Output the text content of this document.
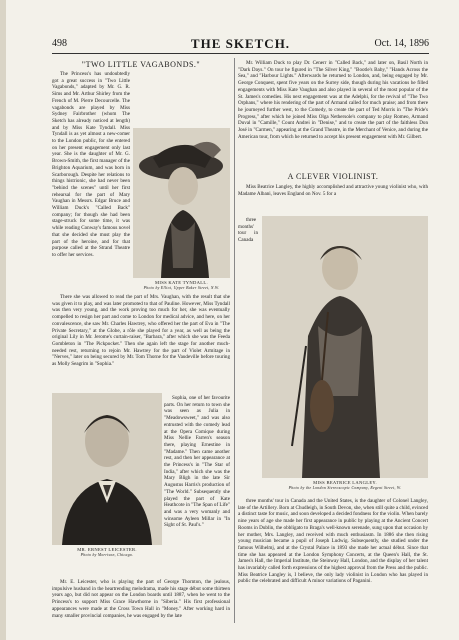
498	THE SKETCH.	Oct. 14, 1896
"TWO LITTLE VAGABONDS."

The Princess's has undoubtedly got a great success in "Two Little Vagabonds," adapted by Mr. G. R. Sims and Mr. Arthur Shirley from the French of M. Pierre Decourcelle. The vagabonds are played by Miss Sydney Fairbrother (whom The Sketch has already noticed at length) and by Miss Kate Tyndall. Miss Tyndall is as yet almost a new-comer to the London public, for she entered on her present engagement only last year. She is the daughter of Mr. G. Brown-Smith, the first manager of the Brighton Aquarium, and was born in Scarborough. Despite her relations to things histrionic, she had never been "behind the scenes" until her first rehearsal for the part of Mary Vaughan in Messrs. Edgar Bruce and William Duck's "Called Back" company; for though she had been stage-struck for some time, it was while reading Conway's famous novel that she decided she must play the part of the heroine, and for that purpose called at the Strand Theatre to offer her services.

MISS KATE TYNDALL.
Photo by Elliot, Upper Baker Street, N.W.

There she was allowed to read the part of Mrs. Vaughan, with the result that she was given it to play, and was later promoted to that of Pauline. However, Miss Tyndall was then very young, and the work proving too much for her, she was eventually compelled to resign her part and come to London for medical advice, and here, on her convalescence, she saw Mr. Charles Hawtrey, who offered her the part of Eva in "The Private Secretary," at the Globe, a rôle she played for a year, as well as being the original Lily in Mr. Jerome's curtain-raiser, "Barbara," after which she was the Feeda Gombleton in "The Pickpocket." Then she again left the stage for another much-needed rest, returning to rejoin Mr. Hawtrey for the part of Violet Armitage in "Nerves," later on being secured by Mr. Tom Thorne for the Vaudeville before touring as Molly Seagrim in "Sophia."

MR. ERNEST LEICESTER.
Photo by Morrison, Chicago.

Sophia, one of her favourite parts. On her return to town she was seen as Julia in "Meadowsweet," and was also entrusted with the comedy lead at the Opera Comique during Miss Nellie Farren's season there, playing Ernestine in "Madame." Then came another rest, and then her appearance at the Princess's in "The Star of India," after which she was the Mary Bligh in the late Sir Augustus Harris's production of "The World." Subsequently she played the part of Kate Heathcote in "The Span of Life" and was a very womanly and winsome Ayleen Millar in "In Sight of St. Paul's."

Mr. E. Leicester, who is playing the part of George Thornton, the jealous, impulsive husband in the heartrending melodrama, made his stage début some thirteen years ago, but did not appear on the London boards until 1887, when he went to the Princess's to support Miss Grace Hawthorne in "Siberia." His first professional appearances were made at the Cross Town Hall in "Money." After working hard in many smaller provincial companies, he was engaged by the late

Mr. William Duck to play Dr. Cenerr in "Called Back," and later on, Basil North in "Dark Days." On tour he figured in "The Silver King," "Bootle's Baby," "Hands Across the Sea," and "Harbour Lights." Afterwards he returned to London, and, being engaged by Mr. George Conquest, spent five years on the Surrey side, though during his vacations he filled engagements with Miss Kate Vaughan and also played in several of the most popular of the St. James's comedies. His next engagement was at the Adelphi, for the revival of "The Two Orphans," where his rendering of the part of Armand called for much praise; and from there he journeyed further west, to the Comedy, to create the part of Ted Morris in "The Pride's Progress," after which he joined Miss Olga Nethersole's company to play Romeo, Armand Duval in "Camille," Count Andrei in "Denise," and to create the part of the faithless Don José in "Carmen," appearing at the Grand Theatre, in the Merchant of Venice, and during the American tour, from which he returned to accept his present engagement with Mr. Gilbert.

A CLEVER VIOLINIST.

Miss Beatrice Langley, the highly accomplished and attractive young violinist who, with Madame Albani, leaves England on Nov. 5 for a

three months' tour in Canada

MISS BEATRICE LANGLEY.
Photo by the London Stereoscopic Company, Regent Street, W.

three months' tour in Canada and the United States, is the daughter of Colonel Langley, late of the Artillery. Born at Chudleigh, in South Devon, she, when still quite a child, evinced a distinct taste for music, and soon developed a decided fondness for the violin. When barely nine years of age she made her first appearance in public by playing at the Ancient Concert Rooms in Dublin, the obbligato to Braga's well-known serenade, sung upon that occasion by her mother, Mrs. Langley, and received with much enthusiasm. In 1886 she then rising young musician became a pupil of Joseph Ludwig. Subsequently, she studied under the famous Wilhelmj, and at the Crystal Palace in 1893 she made her actual début. Since that time she has appeared at the London Symphony Concerts, at the Queen's Hall, the St. James's Hall, the Imperial Institute, the Steinway Hall, London, and the display of her talent has invariably called forth expressions of the highest approval from the Press and the public. Miss Beatrice Langley is, I believe, the only lady violinist in London who has played in public the celebrated and difficult A minor variations of Paganini.
